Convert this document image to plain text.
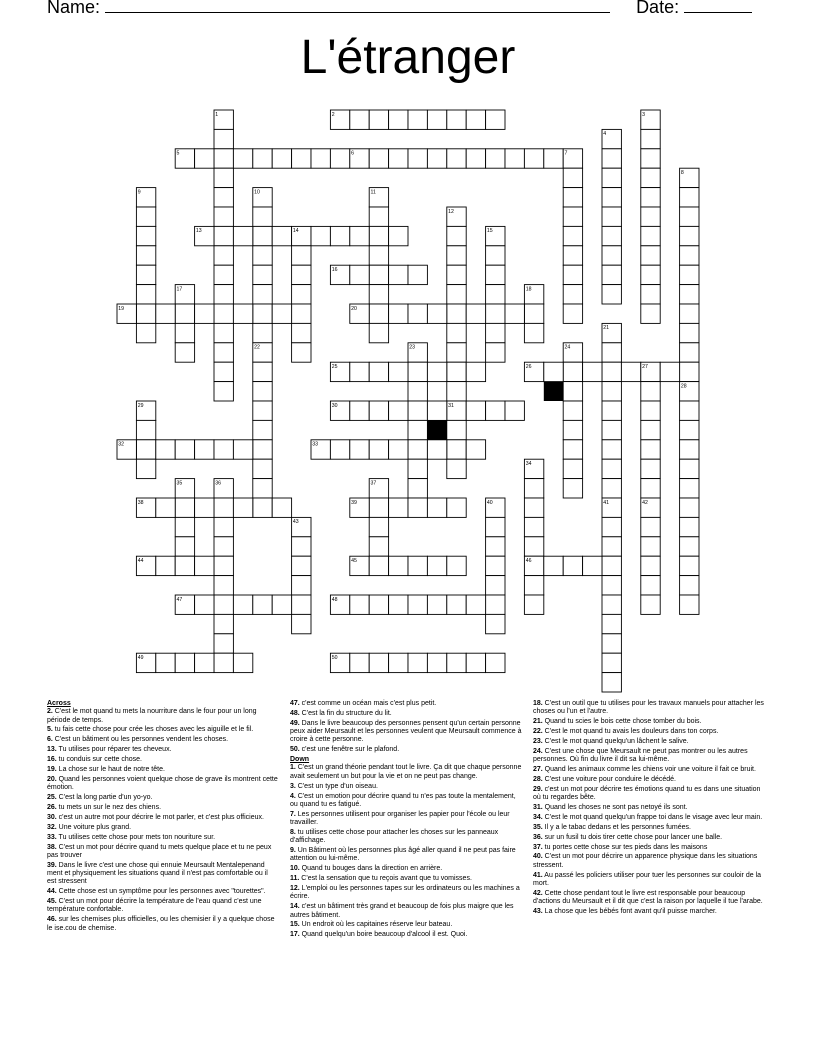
Name:	Date:
L'étranger
1	2	3
4
5	6	7
8
9	10	11
12
13	14	15
16
17	18
19	20
21
22	23	24
25	26	27
28
29	30	31
32	33
34
35	36	37
38	39	40	41	42
43
44	45	46
47	48
49	50
Across

2. C'est le mot quand tu mets la nourriture dans le four pour un long période de temps.

5. tu fais cette chose pour crée les choses avec les aiguille et le fil.

6. C'est un bâtiment ou les personnes vendent les choses.

13. Tu utilises pour réparer tes cheveux.

16. tu conduis sur cette chose.

19. La chose sur le haut de notre tête.

20. Quand les personnes voient quelque chose de grave ils montrent cette émotion.

25. C'est la long partie d'un yo-yo.

26. tu mets un sur le nez des chiens.

30. c'est un autre mot pour décrire le mot parler, et c'est plus officieux.

32. Une voiture plus grand.

33. Tu utilises cette chose pour mets ton nouriture sur.

38. C'est un mot pour décrire quand tu mets quelque place et tu ne peux pas trouver

39. Dans le livre c'est une chose qui ennuie Meursault Mentalepenand ment et physiquement les situations quand il n'est pas comfortable ou il est stressent

44. Cette chose est un symptôme pour les personnes avec "tourettes".

45. C'est un mot pour décrire la température de l'eau quand c'est une température confortable.

46. sur les chemises plus officielles, ou les chemisier il y a quelque chose le ise.cou de chemise.

47. c'est comme un océan mais c'est plus petit.

48. C'est la fin du structure du lit.

49. Dans le livre beaucoup des personnes pensent qu'un certain personne peux aider Meursault et les personnes veulent que Meursault commence à croire à cette personne.

50. c'est une fenêtre sur le plafond.

Down

1. C'est un grand théorie pendant tout le livre. Ça dit que chaque personne avait seulement un but pour la vie et on ne peut pas change.

3. C'est un type d'un oiseau.

4. C'est un emotion pour décrire quand tu n'es pas toute la mentalement, ou quand tu es fatigué.

7. Les personnes utilisent pour organiser les papier pour l'école ou leur travailler.

8. tu utilises cette chose pour attacher les choses sur les panneaux d'affichage.

9. Un Bâtiment où les personnes plus âgé aller quand il ne peut pas faire attention ou lui-même.

10. Quand tu bouges dans la direction en arrière.

11. C'est la sensation que tu reçois avant que tu vomisses.

12. L'emploi ou les personnes tapes sur les ordinateurs ou les machines a écrire.

14. c'est un bâtiment très grand et beaucoup de fois plus maigre que les autres bâtiment.

15. Un endroit où les capitaines réserve leur bateau.

17. Quand quelqu'un boire beaucoup d'alcool il est. Quoi.

18. C'est un outil que tu utilises pour les travaux manuels pour attacher les choses ou l'un et l'autre.

21. Quand tu scies le bois cette chose tomber du bois.

22. C'est le mot quand tu avais les douleurs dans ton corps.

23. C'est le mot quand quelqu'un lâchent le salive.

24. C'est une chose que Meursault ne peut pas montrer ou les autres personnes. Où fin du livre il dit sa lui-même.

27. Quand les animaux comme les chiens voir une voiture il fait ce bruit.

28. C'est une voiture pour conduire le décédé.

29. c'est un mot pour décrire tes émotions quand tu es dans une situation où tu regardes bête.

31. Quand les choses ne sont pas netoyé ils sont.

34. C'est le mot quand quelqu'un frappe toi dans le visage avec leur main.

35. Il y a le tabac dedans et les personnes fumées.

36. sur un fusil tu dois tirer cette chose pour lancer une balle.

37. tu portes cette chose sur tes pieds dans les maisons

40. C'est un mot pour décrire un apparence physique dans les situations stressent.

41. Au passé les policiers utiliser pour tuer les personnes sur couloir de la mort.

42. Cette chose pendant tout le livre est responsable pour beaucoup d'actions du Meursault et il dit que c'est la raison por laquelle il tue l'arabe.

43. La chose que les bébés font avant qu'il puisse marcher.
